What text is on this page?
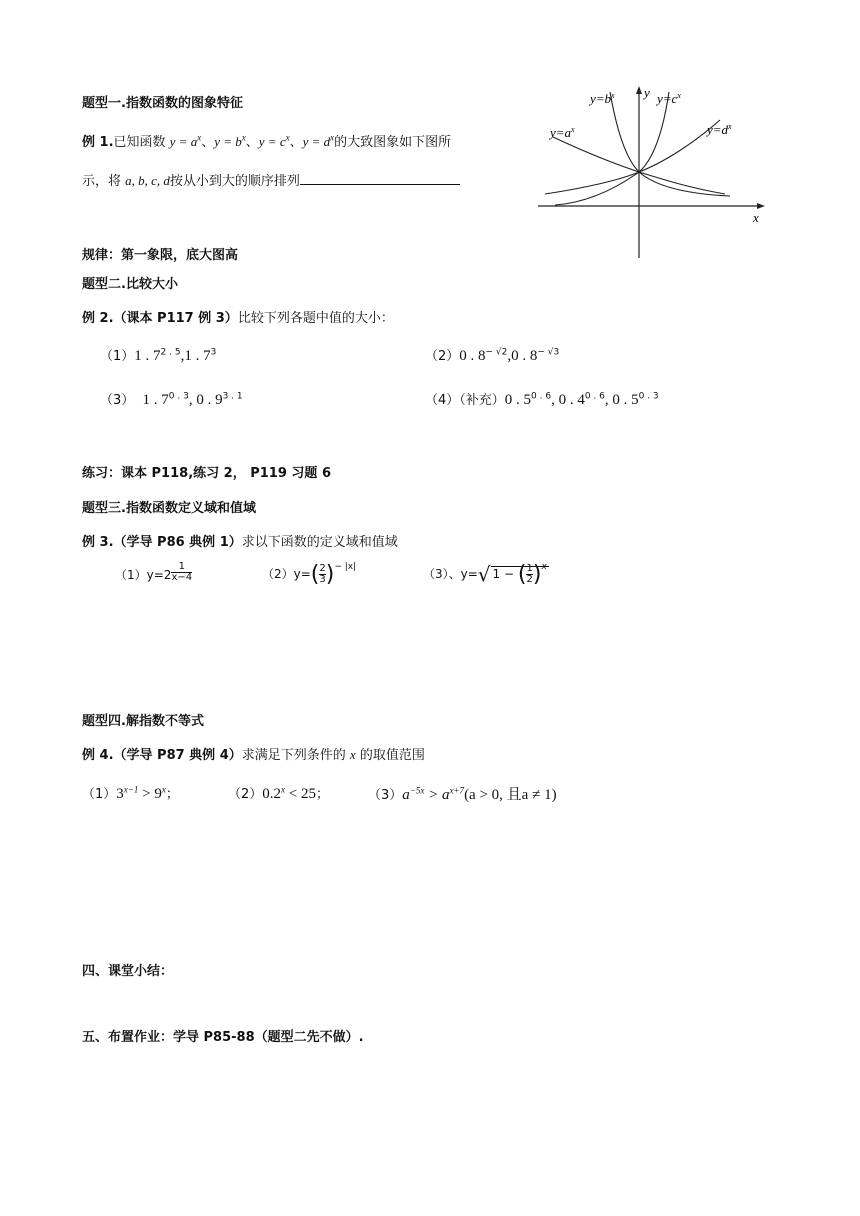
题型一.指数函数的图象特征
例 1.已知函数 $y = a^x$、$y = b^x$、$y = c^x$、$y = d^x$的大致图象如下图所
示，将 a, b, c, d按从小到大的顺序排列
$y=b^x$	$y=c^x$
$y=a^x$	$y=d^x$
y
x
规律：第一象限，底大图高
题型二.比较大小
例 2.（课本 P117 例 3）比较下列各题中值的大小：
（1）1 . $7^{2 . 5},1$ . $7^3$	（2）0 . $8^{- √2},0$ . $8^{- √3}$
（3） 1 . $7^{0 . 3}$, 0 . $9^{3 . 1}$	（4）（补充）0 . $5^{0 . 6}$, 0 . $4^{0 . 6}$, 0 . $5^{0 . 3}$
练习：课本 P118,练习 2， P119 习题 6
题型三.指数函数定义域和值域
例 3.（学导 P86 典例 1）求以下函数的定义域和值域
$(1)y=2 \frac{1}{x-4}$	$(2)y=( \frac{2}{3} )^{- |x|}$	（3）、y=√ 1 − ( $\frac{1}{2} )^x$
题型四.解指数不等式
例 4.（学导 P87 典例 4）求满足下列条件的 x 的取值范围
$(1)3^{x-1} > 9^x$；	$(2)0.2^x < 25$；	$(3)a^{-5x} > a^{x+7}(a > 0$, 且a ≠ 1)
四、课堂小结：
五、布置作业：学导 P85-88（题型二先不做）.
